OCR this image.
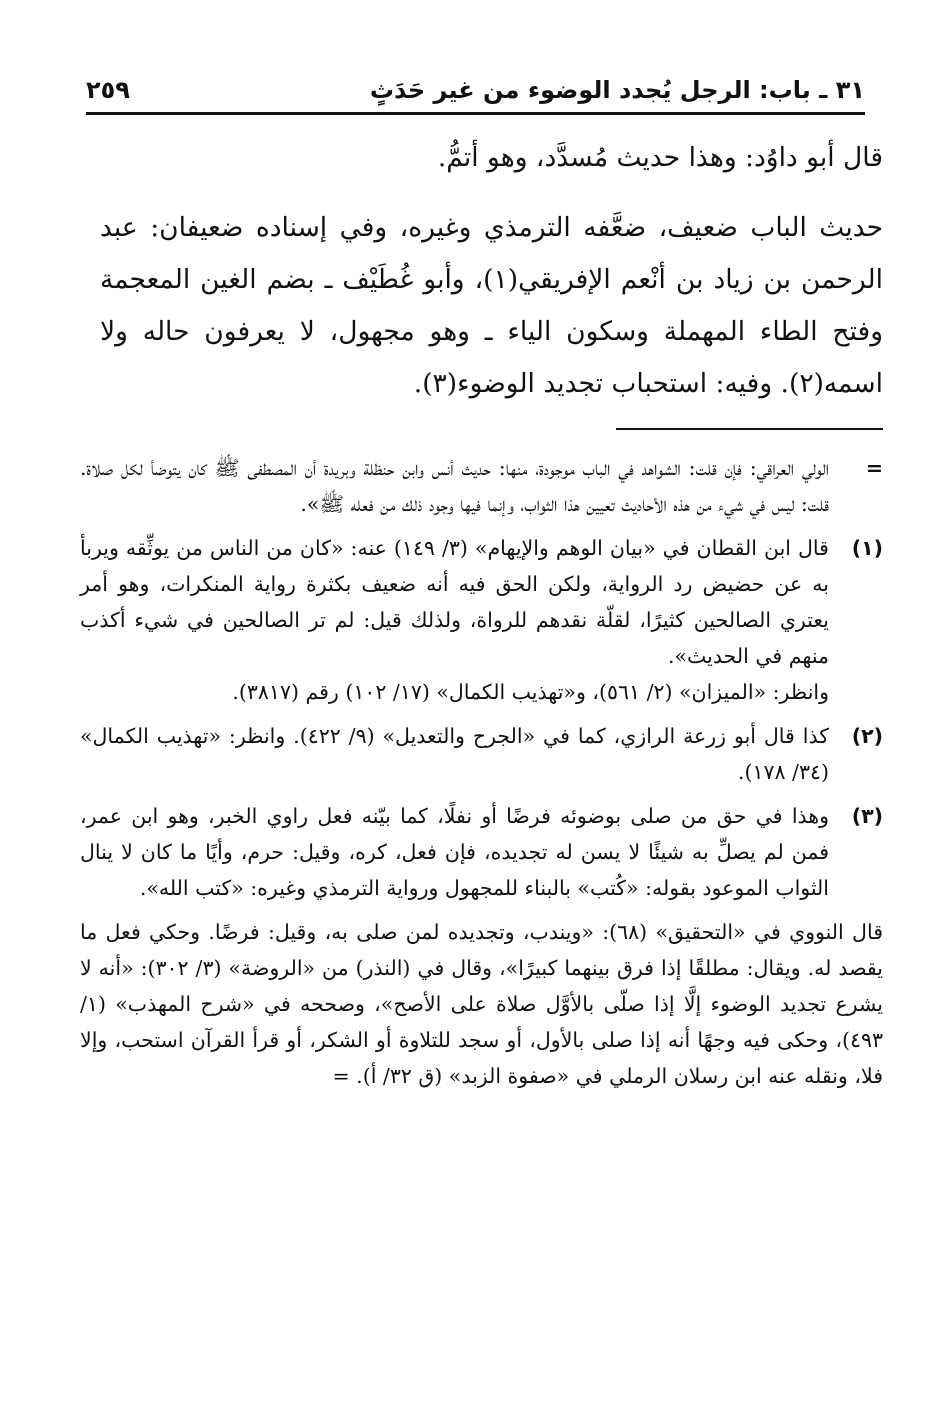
٣١ ـ باب: الرجل يُجدد الوضوء من غير حَدَثٍ
٢٥٩

قال أبو داوُد: وهذا حديث مُسدَّد، وهو أتمُّ.

حديث الباب ضعيف، ضعَّفه الترمذي وغيره، وفي إسناده ضعيفان: عبد الرحمن بن زياد بن أنْعم الإفريقي(١)، وأبو غُطَيْف ـ بضم الغين المعجمة وفتح الطاء المهملة وسكون الياء ـ وهو مجهول، لا يعرفون حاله ولا اسمه(٢). وفيه: استحباب تجديد الوضوء(٣).

=
الولي العراقي: فإن قلت: الشواهد في الباب موجودة، منها: حديث أنس وابن حنظلة وبريدة أن المصطفى ﷺ كان يتوضأ لكل صلاة. قلت: ليس في شيء من هذه الأحاديث تعيين هذا الثواب، وإنما فيها وجود ذلك من فعله ﷺ».
(١)
قال ابن القطان في «بيان الوهم والإيهام» (٣/ ١٤٩) عنه: «كان من الناس من يوثِّقه ويربأ به عن حضيض رد الرواية، ولكن الحق فيه أنه ضعيف بكثرة رواية المنكرات، وهو أمر يعتري الصالحين كثيرًا، لقلّة نقدهم للرواة، ولذلك قيل: لم تر الصالحين في شيء أكذب منهم في الحديث».
وانظر: «الميزان» (٢/ ٥٦١)، و«تهذيب الكمال» (١٧/ ١٠٢) رقم (٣٨١٧).
(٢)
كذا قال أبو زرعة الرازي، كما في «الجرح والتعديل» (٩/ ٤٢٢). وانظر: «تهذيب الكمال» (٣٤/ ١٧٨).
(٣)
وهذا في حق من صلى بوضوئه فرضًا أو نفلًا، كما بيّنه فعل راوي الخبر، وهو ابن عمر، فمن لم يصلِّ به شيئًا لا يسن له تجديده، فإن فعل، كره، وقيل: حرم، وأيًا ما كان لا ينال الثواب الموعود بقوله: «كُتب» بالبناء للمجهول ورواية الترمذي وغيره: «كتب الله».

قال النووي في «التحقيق» (٦٨): «ويندب، وتجديده لمن صلى به، وقيل: فرضًا. وحكي فعل ما يقصد له. ويقال: مطلقًا إذا فرق بينهما كبيرًا»، وقال في (النذر) من «الروضة» (٣/ ٣٠٢): «أنه لا يشرع تجديد الوضوء إلَّا إذا صلّى بالأوَّل صلاة على الأصح»، وصححه في «شرح المهذب» (١/ ٤٩٣)، وحكى فيه وجهًا أنه إذا صلى بالأول، أو سجد للتلاوة أو الشكر، أو قرأ القرآن استحب، وإلا فلا، ونقله عنه ابن رسلان الرملي في «صفوة الزبد» (ق ٣٢/ أ). =
